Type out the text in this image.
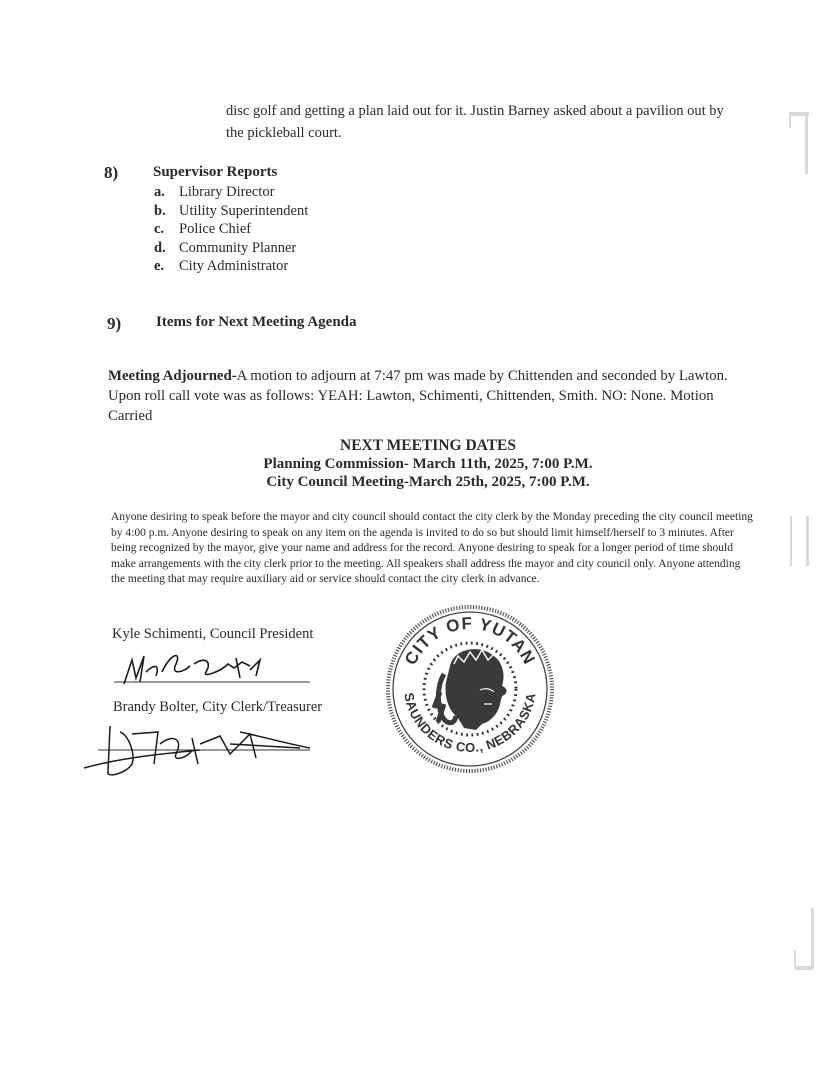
disc golf and getting a plan laid out for it. Justin Barney asked about a pavilion out by the pickleball court.
8) Supervisor Reports
a. Library Director
b. Utility Superintendent
c.	Police Chief
d. Community Planner
e.	City Administrator
9) Items for Next Meeting Agenda
Meeting Adjourned-A motion to adjourn at 7:47 pm was made by Chittenden and seconded by Lawton. Upon roll call vote was as follows: YEAH: Lawton, Schimenti, Chittenden, Smith. NO: None. Motion Carried
NEXT MEETING DATES
Planning Commission- March 11th, 2025, 7:00 P.M.
City Council Meeting-March 25th, 2025, 7:00 P.M.
Anyone desiring to speak before the mayor and city council should contact the city clerk by the Monday preceding the city council meeting by 4:00 p.m. Anyone desiring to speak on any item on the agenda is invited to do so but should limit himself/herself to 3 minutes. After being recognized by the mayor, give your name and address for the record. Anyone desiring to speak for a longer period of time should make arrangements with the city clerk prior to the meeting. All speakers shall address the mayor and city council only. Anyone attending the meeting that may require auxiliary aid or service should contact the city clerk in advance.
Kyle Schimenti, Council President
Brandy Bolter, City Clerk/Treasurer
CITY OF YUTAN
SAUNDERS CO., NEBRASKA
